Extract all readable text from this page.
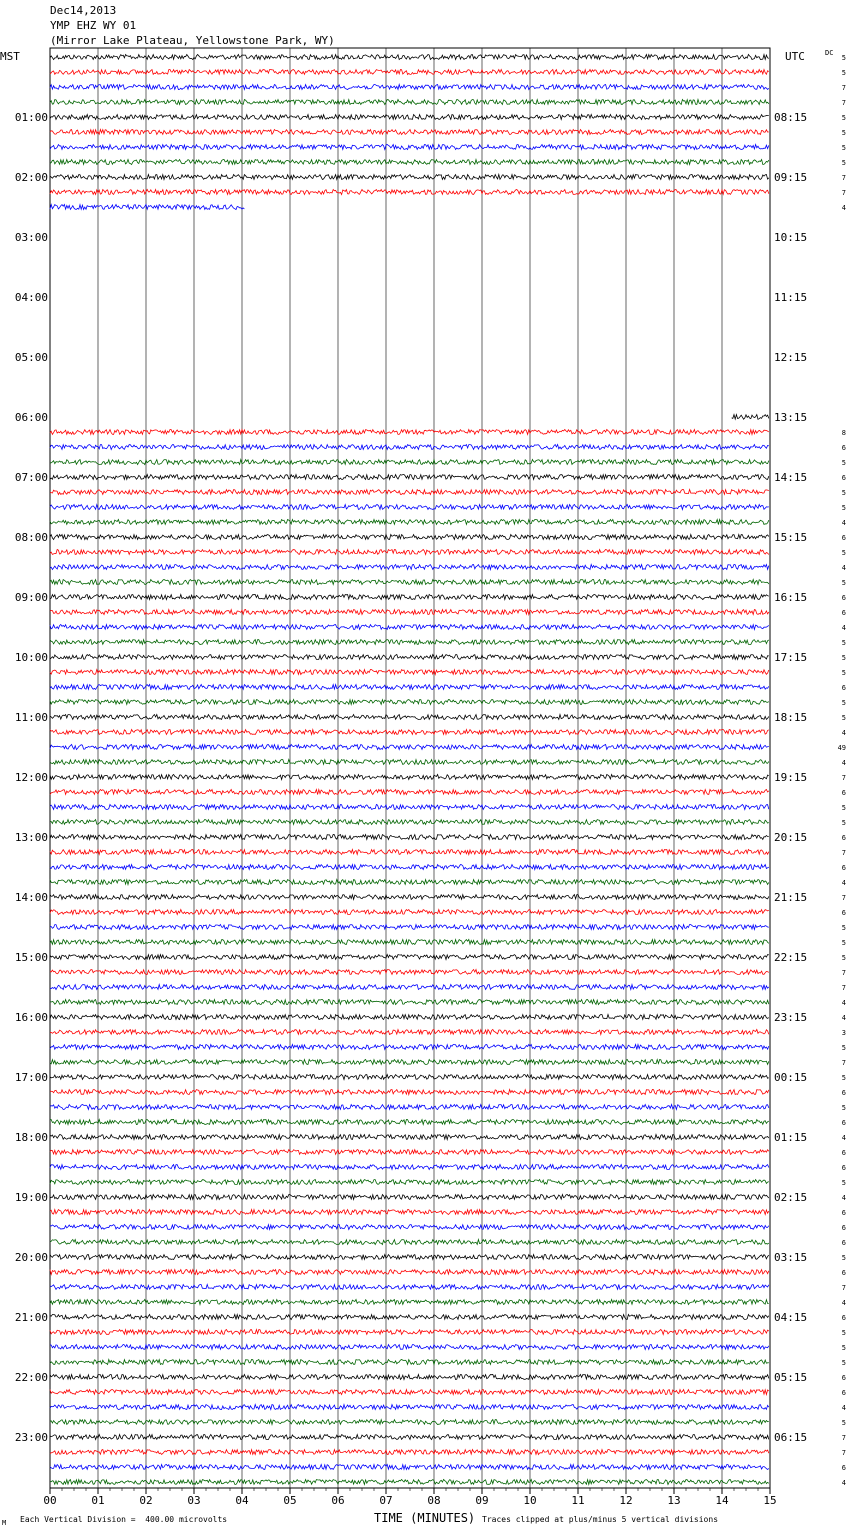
00	01	02	03	04	05	06	07	08	09	10	11	12	13	14	15
01:00
02:00
03:00
04:00
05:00
06:00
07:00
08:00
09:00
10:00
11:00
12:00
13:00
14:00
15:00
16:00
17:00
18:00
19:00
20:00
21:00
22:00
23:00
08:15
09:15
10:15
11:15
12:15
13:15
14:15
15:15
16:15
17:15
18:15
19:15
20:15
21:15
22:15
23:15
00:15
01:15
02:15
03:15
04:15
05:15
06:15
5
5
7
7
5
5
5
5
7
7
4
8
6
5
6
5
5
4
6
5
4
5
6
6
4
5
5
5
6
5
5
4
49
4
7
6
5
5
6
7
6
4
7
6
5
5
5
7
7
4
4
3
5
7
5
6
5
6
4
6
6
5
4
6
6
6
5
6
7
4
6
5
5
5
6
6
4
5
7
7
6
4
Dec14,2013
YMP EHZ WY 01
(Mirror Lake Plateau, Yellowstone Park, WY)
MST	UTC	DC
M Each Vertical Division =  400.00 microvolts	TIME (MINUTES) Traces clipped at plus/minus 5 vertical divisions
